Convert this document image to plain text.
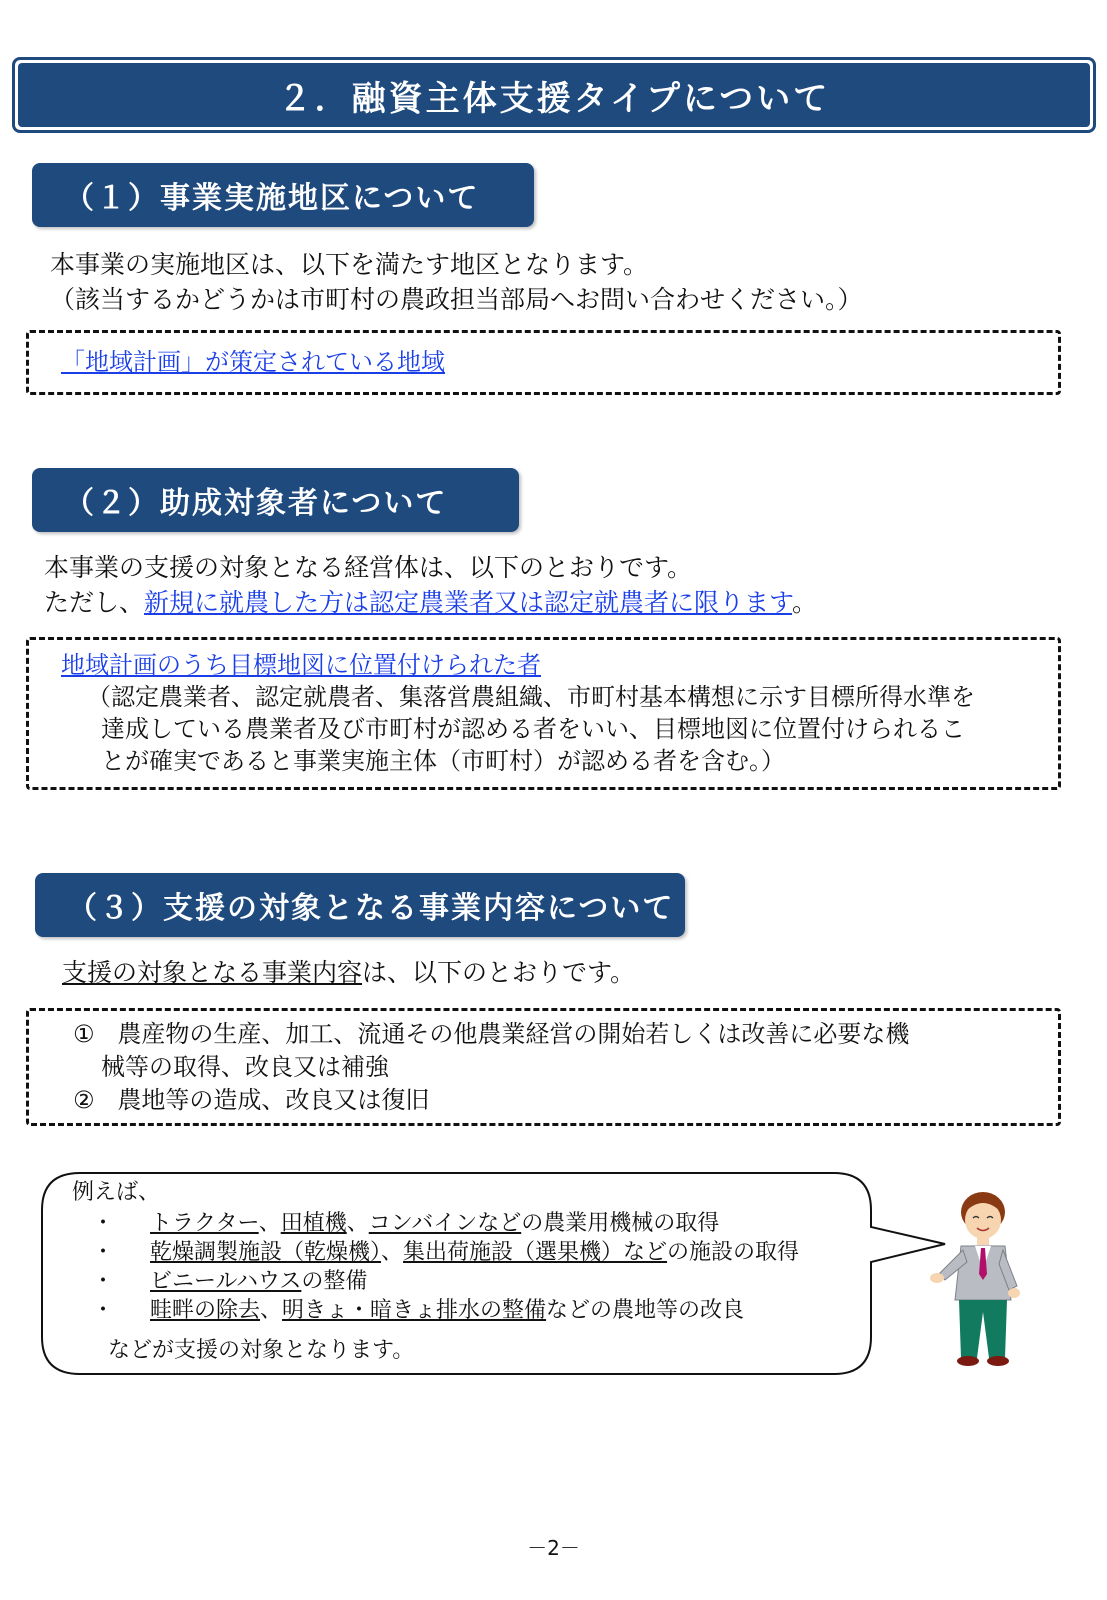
２．融資主体支援タイプについて
（１）事業実施地区について
本事業の実施地区は、以下を満たす地区となります。
（該当するかどうかは市町村の農政担当部局へお問い合わせください。）
「地域計画」が策定されている地域
（２）助成対象者について
本事業の支援の対象となる経営体は、以下のとおりです。
ただし、新規に就農した方は認定農業者又は認定就農者に限ります。
地域計画のうち目標地図に位置付けられた者
（認定農業者、認定就農者、集落営農組織、市町村基本構想に示す目標所得水準を
達成している農業者及び市町村が認める者をいい、目標地図に位置付けられるこ
とが確実であると事業実施主体（市町村）が認める者を含む。）
（３）支援の対象となる事業内容について
支援の対象となる事業内容は、以下のとおりです。
① 農産物の生産、加工、流通その他農業経営の開始若しくは改善に必要な機
械等の取得、改良又は補強
② 農地等の造成、改良又は復旧
例えば、
・ トラクター、田植機、コンバインなどの農業用機械の取得
・ 乾燥調製施設（乾燥機）、集出荷施設（選果機）などの施設の取得
・ ビニールハウスの整備
・ 畦畔の除去、明きょ・暗きょ排水の整備などの農地等の改良
などが支援の対象となります。
－2－
